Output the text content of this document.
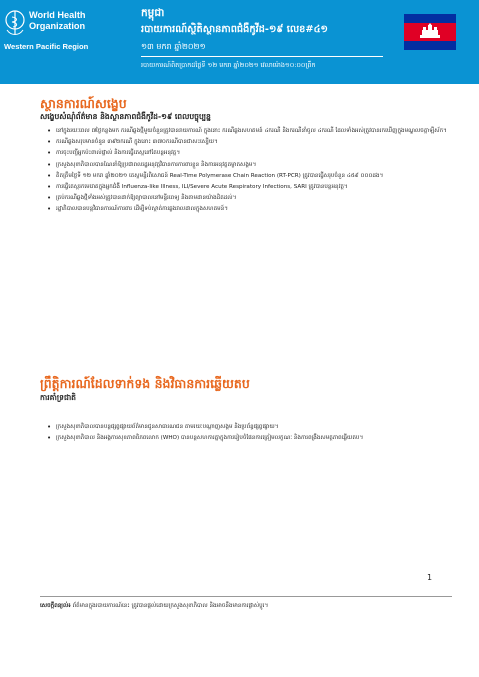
World Health Organization
Western Pacific Region
កម្ពុជា
របាយការណ៍ស្ថិតិស្ថានភាពជំងឺកូវីដ-១៩ លេខ#៤១
១៣ មករា ឆ្នាំ២០២១
របាយការណ៍ពិតប្រាកដថ្ងៃទី ១២ មករា ឆ្នាំ២០២១ វេលាម៉ោង១០:០០ព្រឹក
ស្ថានការណ៍សង្ខេប
សង្ខេបសំណុំព័ត៌មាន និងស្ថានភាពជំងឺកូវីដ-១៩ ពេលបច្ចុប្បន្ន
• នៅក្នុងរយៈពេល ៧ថ្ងៃកន្លងមក ករណីឆ្លងថ្មីមួយចំនួនត្រូវបានរាយការណ៍ ក្នុងនោះ ករណីឆ្លងសហគមន៍ ៤ករណី និងករណីនាំចូល ៤ករណី ដែលទាំងអស់ត្រូវបានរកឃើញក្នុងមណ្ឌលចត្តាឡីស័ក។
• ករណីឆ្លងសរុបមានចំនួន ៣៩២ករណី ក្នុងនោះ ៣៧០ករណីបានជាសះស្បើយ។
• ការចុះបញ្ជីអ្នកប៉ះពាល់ផ្ទាល់ និងការធ្វើតេស្តនៅតែបន្តអនុវត្ត។
• ក្រសួងសុខាភិបាលបានណែនាំឱ្យប្រជាពលរដ្ឋអនុវត្តវិធានការការពារខ្លួន និងការអនុវត្តគម្លាតសង្គម។
• គិតត្រឹមថ្ងៃទី ១២ មករា ឆ្នាំ២០២១ តេស្តមន្ទីរពិសោធន៍ Real-Time Polymerase Chain Reaction (RT-PCR) ត្រូវបានធ្វើសរុបចំនួន ៤៥៩ ០០០ដង។
• ការធ្វើតេស្តរកមេរោគក្នុងអ្នកជំងឺ Influenza-like Illness, ILI/Severe Acute Respiratory Infections, SARI ត្រូវបានបន្តអនុវត្ត។
• គ្រប់ករណីឆ្លងថ្មីទាំងអស់ត្រូវបានដាក់ឱ្យព្យាបាលនៅមន្ទីរពេទ្យ និងតាមដានយ៉ាងដិតដល់។
• រដ្ឋាភិបាលបានបន្តវិធានការណ៍ការពារ ដើម្បីទប់ស្កាត់ការឆ្លងរាលដាលក្នុងសហគមន៍។
ព្រឹត្តិការណ៍ដែលទាក់ទង និងវិធានការឆ្លើយតប
ការគាំទ្រជាតិ
• ក្រសួងសុខាភិបាលបានបន្តផ្សព្វផ្សាយព័ត៌មានជូនសាធារណជន តាមរយៈបណ្តាញសង្គម និងប្រព័ន្ធផ្សព្វផ្សាយ។
• ក្រសួងសុខាភិបាល និងអង្គការសុខភាពពិភពលោក (WHO) បានបន្តសហការគ្នាក្នុងការរៀបចំផែនការត្រៀមលក្ខណៈ និងការពង្រឹងសមត្ថភាពឆ្លើយតប។
1
សេចក្តីពន្យល់៖ ព័ត៌មានក្នុងរបាយការណ៍នេះ ត្រូវបានផ្តល់ដោយក្រសួងសុខាភិបាល និងអាចនឹងមានការផ្លាស់ប្តូរ។
